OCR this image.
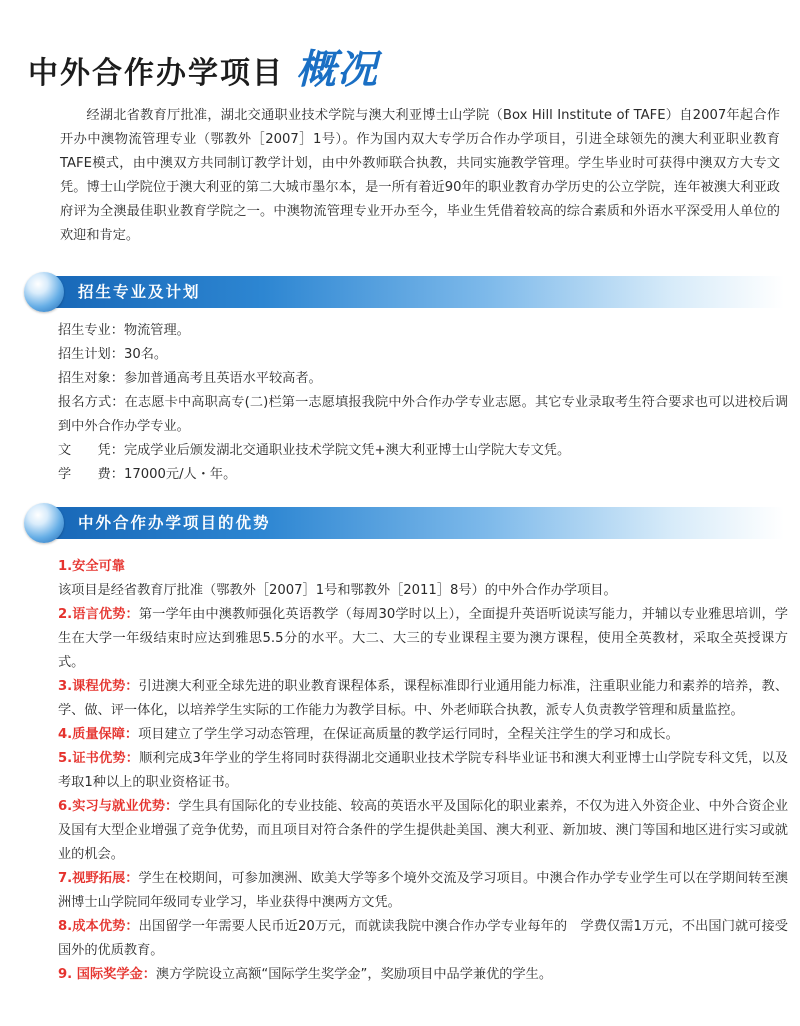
中外合作办学项目 概况

经湖北省教育厅批准，湖北交通职业技术学院与澳大利亚博士山学院（Box Hill Institute of TAFE）自2007年起合作开办中澳物流管理专业（鄂教外［2007］1号）。作为国内双大专学历合作办学项目，引进全球领先的澳大利亚职业教育TAFE模式，由中澳双方共同制订教学计划，由中外教师联合执教，共同实施教学管理。学生毕业时可获得中澳双方大专文凭。博士山学院位于澳大利亚的第二大城市墨尔本，是一所有着近90年的职业教育办学历史的公立学院，连年被澳大利亚政府评为全澳最佳职业教育学院之一。中澳物流管理专业开办至今，毕业生凭借着较高的综合素质和外语水平深受用人单位的欢迎和肯定。

招生专业及计划

招生专业：物流管理。

招生计划：30名。

招生对象：参加普通高考且英语水平较高者。

报名方式：在志愿卡中高职高专(二)栏第一志愿填报我院中外合作办学专业志愿。其它专业录取考生符合要求也可以进校后调到中外合作办学专业。

文　　凭：完成学业后颁发湖北交通职业技术学院文凭+澳大利亚博士山学院大专文凭。

学　　费：17000元/人・年。

中外合作办学项目的优势

1.安全可靠

该项目是经省教育厅批准（鄂教外［2007］1号和鄂教外［2011］8号）的中外合作办学项目。

2.语言优势：第一学年由中澳教师强化英语教学（每周30学时以上），全面提升英语听说读写能力，并辅以专业雅思培训，学生在大学一年级结束时应达到雅思5.5分的水平。大二、大三的专业课程主要为澳方课程，使用全英教材，采取全英授课方式。

3.课程优势：引进澳大利亚全球先进的职业教育课程体系，课程标准即行业通用能力标准，注重职业能力和素养的培养，教、学、做、评一体化，以培养学生实际的工作能力为教学目标。中、外老师联合执教，派专人负责教学管理和质量监控。

4.质量保障：项目建立了学生学习动态管理，在保证高质量的教学运行同时，全程关注学生的学习和成长。

5.证书优势：顺利完成3年学业的学生将同时获得湖北交通职业技术学院专科毕业证书和澳大利亚博士山学院专科文凭，以及考取1种以上的职业资格证书。

6.实习与就业优势：学生具有国际化的专业技能、较高的英语水平及国际化的职业素养，不仅为进入外资企业、中外合资企业及国有大型企业增强了竞争优势，而且项目对符合条件的学生提供赴美国、澳大利亚、新加坡、澳门等国和地区进行实习或就业的机会。

7.视野拓展：学生在校期间，可参加澳洲、欧美大学等多个境外交流及学习项目。中澳合作办学专业学生可以在学期间转至澳洲博士山学院同年级同专业学习，毕业获得中澳两方文凭。

8.成本优势：出国留学一年需要人民币近20万元，而就读我院中澳合作办学专业每年的　学费仅需1万元，不出国门就可接受国外的优质教育。

9. 国际奖学金：澳方学院设立高额“国际学生奖学金”，奖励项目中品学兼优的学生。
